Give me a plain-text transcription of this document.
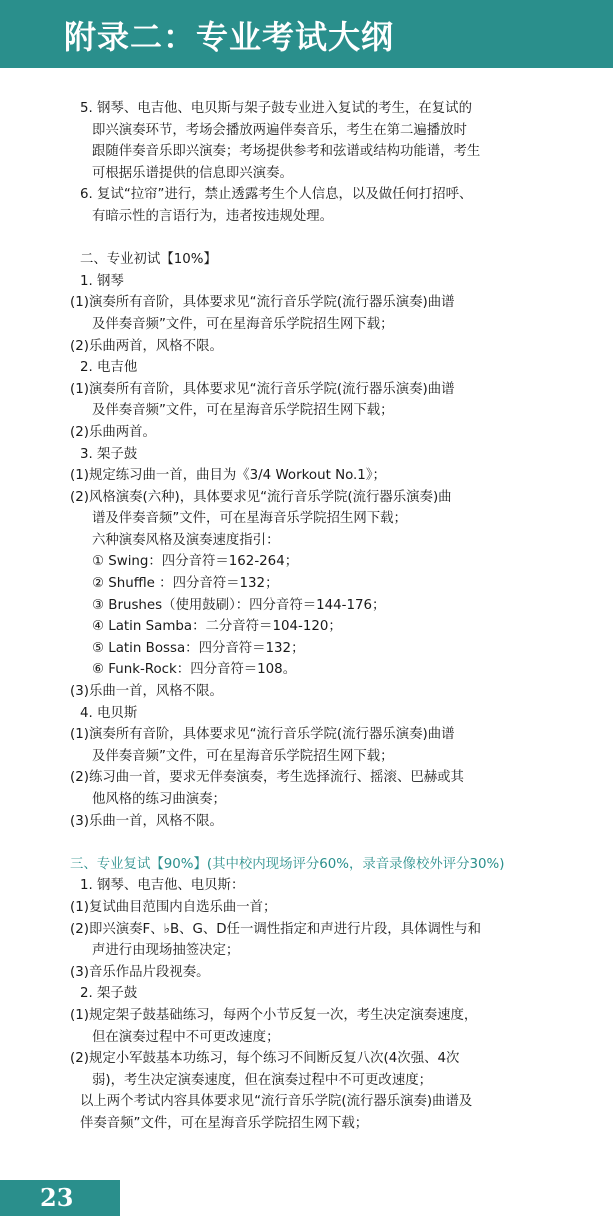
附录二：专业考试大纲
5. 钢琴、电吉他、电贝斯与架子鼓专业进入复试的考生，在复试的
即兴演奏环节，考场会播放两遍伴奏音乐，考生在第二遍播放时
跟随伴奏音乐即兴演奏；考场提供参考和弦谱或结构功能谱，考生
可根据乐谱提供的信息即兴演奏。
6. 复试“拉帘”进行，禁止透露考生个人信息，以及做任何打招呼、
有暗示性的言语行为，违者按违规处理。
二、专业初试【10%】
1. 钢琴
(1)演奏所有音阶，具体要求见“流行音乐学院(流行器乐演奏)曲谱
及伴奏音频”文件，可在星海音乐学院招生网下载；
(2)乐曲两首，风格不限。
2. 电吉他
(1)演奏所有音阶，具体要求见“流行音乐学院(流行器乐演奏)曲谱
及伴奏音频”文件，可在星海音乐学院招生网下载；
(2)乐曲两首。
3. 架子鼓
(1)规定练习曲一首，曲目为《3/4 Workout No.1》；
(2)风格演奏(六种)，具体要求见“流行音乐学院(流行器乐演奏)曲
谱及伴奏音频”文件，可在星海音乐学院招生网下载；
六种演奏风格及演奏速度指引：
① Swing：四分音符＝162-264；
② Shuffle ：四分音符＝132；
③ Brushes（使用鼓刷）：四分音符＝144-176；
④ Latin Samba：二分音符＝104-120；
⑤ Latin Bossa：四分音符＝132；
⑥ Funk-Rock：四分音符＝108。
(3)乐曲一首，风格不限。
4. 电贝斯
(1)演奏所有音阶，具体要求见“流行音乐学院(流行器乐演奏)曲谱
及伴奏音频”文件，可在星海音乐学院招生网下载；
(2)练习曲一首，要求无伴奏演奏，考生选择流行、摇滚、巴赫或其
他风格的练习曲演奏；
(3)乐曲一首，风格不限。
三、专业复试【90%】(其中校内现场评分60%，录音录像校外评分30%)
1. 钢琴、电吉他、电贝斯：
(1)复试曲目范围内自选乐曲一首；
(2)即兴演奏F、♭B、G、D任一调性指定和声进行片段，具体调性与和
声进行由现场抽签决定；
(3)音乐作品片段视奏。
2. 架子鼓
(1)规定架子鼓基础练习，每两个小节反复一次，考生决定演奏速度，
但在演奏过程中不可更改速度；
(2)规定小军鼓基本功练习，每个练习不间断反复八次(4次强、4次
弱)，考生决定演奏速度，但在演奏过程中不可更改速度；
以上两个考试内容具体要求见“流行音乐学院(流行器乐演奏)曲谱及
伴奏音频”文件，可在星海音乐学院招生网下载；
23
